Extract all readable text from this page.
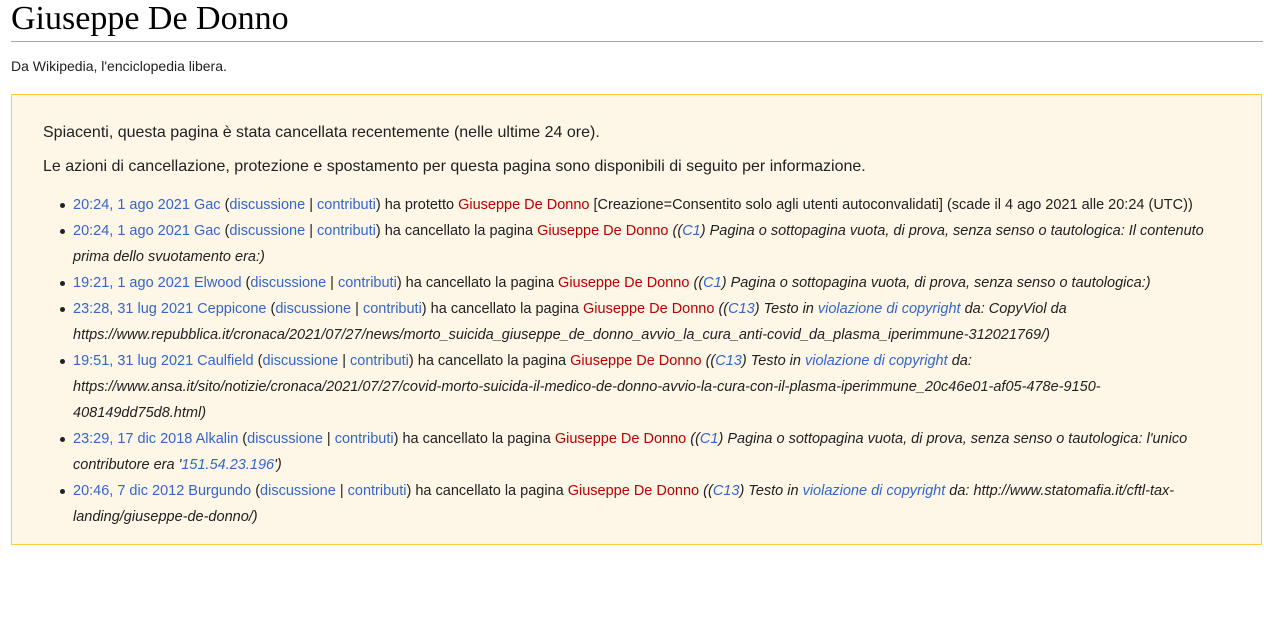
Giuseppe De Donno
Da Wikipedia, l'enciclopedia libera.

Spiacenti, questa pagina è stata cancellata recentemente (nelle ultime 24 ore).

Le azioni di cancellazione, protezione e spostamento per questa pagina sono disponibili di seguito per informazione.

20:24, 1 ago 2021 Gac (discussione | contributi) ha protetto Giuseppe De Donno [Creazione=Consentito solo agli utenti autoconvalidati] (scade il 4 ago 2021 alle 20:24 (UTC))
20:24, 1 ago 2021 Gac (discussione | contributi) ha cancellato la pagina Giuseppe De Donno ((C1) Pagina o sottopagina vuota, di prova, senza senso o tautologica: Il contenuto prima dello svuotamento era:)
19:21, 1 ago 2021 Elwood (discussione | contributi) ha cancellato la pagina Giuseppe De Donno ((C1) Pagina o sottopagina vuota, di prova, senza senso o tautologica:)
23:28, 31 lug 2021 Ceppicone (discussione | contributi) ha cancellato la pagina Giuseppe De Donno ((C13) Testo in violazione di copyright da: CopyViol da https://www.repubblica.it/cronaca/2021/07/27/news/morto_suicida_giuseppe_de_donno_avvio_la_cura_anti-covid_da_plasma_iperimmune-312021769/)
19:51, 31 lug 2021 Caulfield (discussione | contributi) ha cancellato la pagina Giuseppe De Donno ((C13) Testo in violazione di copyright da: https://www.ansa.it/sito/notizie/cronaca/2021/07/27/covid-morto-suicida-il-medico-de-donno-avvio-la-cura-con-il-plasma-iperimmune_20c46e01-af05-478e-9150-408149dd75d8.html)
23:29, 17 dic 2018 Alkalin (discussione | contributi) ha cancellato la pagina Giuseppe De Donno ((C1) Pagina o sottopagina vuota, di prova, senza senso o tautologica: l'unico contributore era '151.54.23.196')
20:46, 7 dic 2012 Burgundo (discussione | contributi) ha cancellato la pagina Giuseppe De Donno ((C13) Testo in violazione di copyright da: http://www.statomafia.it/cftl-tax-landing/giuseppe-de-donno/)
